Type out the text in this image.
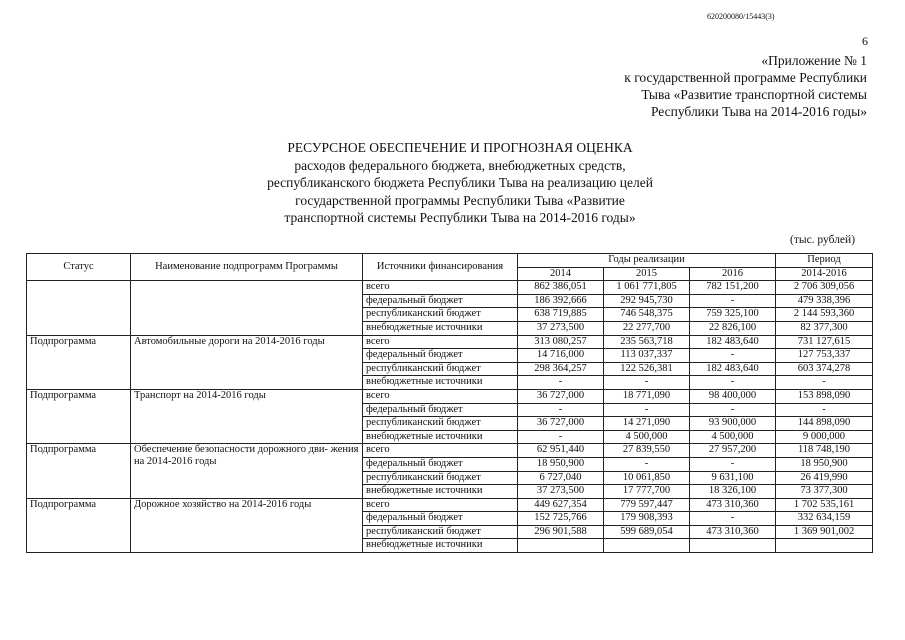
620200080/15443(3)
6
«Приложение № 1
к государственной программе Республики
Тыва «Развитие транспортной системы
Республики Тыва на 2014-2016 годы»
РЕСУРСНОЕ ОБЕСПЕЧЕНИЕ И ПРОГНОЗНАЯ ОЦЕНКА
расходов федерального бюджета, внебюджетных средств,
республиканского бюджета Республики Тыва на реализацию целей
государственной программы Республики Тыва «Развитие
транспортной системы Республики Тыва на 2014-2016 годы»
(тыс. рублей)
Статус	Наименование подпрограмм Программы	Источники финансирования	Годы реализации			Период
			2014	2015	2016	2014-2016
		всего	862 386,051	1 061 771,805	782 151,200	2 706 309,056
		федеральный бюджет	186 392,666	292 945,730	-	479 338,396
		республиканский бюджет	638 719,885	746 548,375	759 325,100	2 144 593,360
		внебюджетные источники	37 273,500	22 277,700	22 826,100	82 377,300
Подпрограмма	Автомобильные дороги на 2014-2016 годы	всего	313 080,257	235 563,718	182 483,640	731 127,615
		федеральный бюджет	14 716,000	113 037,337	-	127 753,337
		республиканский бюджет	298 364,257	122 526,381	182 483,640	603 374,278
		внебюджетные источники	-	-	-	-
Подпрограмма	Транспорт на 2014-2016 годы	всего	36 727,000	18 771,090	98 400,000	153 898,090
		федеральный бюджет	-	-	-	-
		республиканский бюджет	36 727,000	14 271,090	93 900,000	144 898,090
		внебюджетные источники	-	4 500,000	4 500,000	9 000,000
Подпрограмма	Обеспечение безопасности дорожного дви- жения на 2014-2016 годы	всего	62 951,440	27 839,550	27 957,200	118 748,190
		федеральный бюджет	18 950,900	-	-	18 950,900
		республиканский бюджет	6 727,040	10 061,850	9 631,100	26 419,990
		внебюджетные источники	37 273,500	17 777,700	18 326,100	73 377,300
Подпрограмма	Дорожное хозяйство на 2014-2016 годы	всего	449 627,354	779 597,447	473 310,360	1 702 535,161
		федеральный бюджет	152 725,766	179 908,393	-	332 634,159
		республиканский бюджет	296 901,588	599 689,054	473 310,360	1 369 901,002
		внебюджетные источники				
